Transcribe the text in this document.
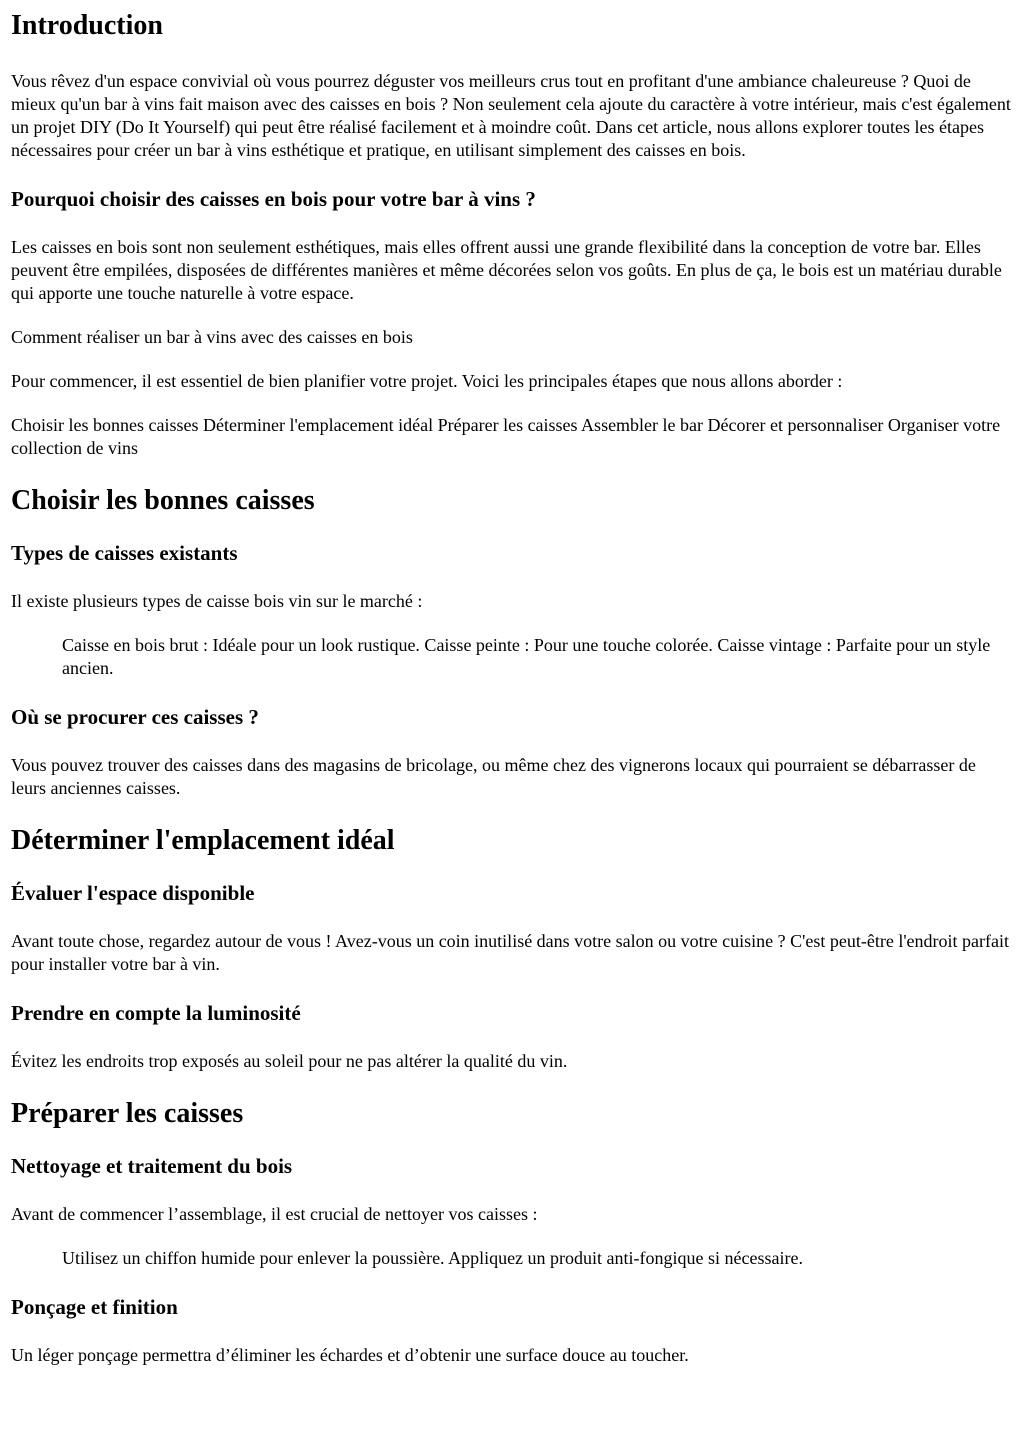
Introduction

Vous rêvez d'un espace convivial où vous pourrez déguster vos meilleurs crus tout en profitant d'une ambiance chaleureuse ? Quoi de mieux qu'un bar à vins fait maison avec des caisses en bois ? Non seulement cela ajoute du caractère à votre intérieur, mais c'est également un projet DIY (Do It Yourself) qui peut être réalisé facilement et à moindre coût. Dans cet article, nous allons explorer toutes les étapes nécessaires pour créer un bar à vins esthétique et pratique, en utilisant simplement des caisses en bois.

Pourquoi choisir des caisses en bois pour votre bar à vins ?

Les caisses en bois sont non seulement esthétiques, mais elles offrent aussi une grande flexibilité dans la conception de votre bar. Elles peuvent être empilées, disposées de différentes manières et même décorées selon vos goûts. En plus de ça, le bois est un matériau durable qui apporte une touche naturelle à votre espace.

Comment réaliser un bar à vins avec des caisses en bois

Pour commencer, il est essentiel de bien planifier votre projet. Voici les principales étapes que nous allons aborder :

Choisir les bonnes caisses Déterminer l'emplacement idéal Préparer les caisses Assembler le bar Décorer et personnaliser Organiser votre collection de vins

Choisir les bonnes caisses
Types de caisses existants

Il existe plusieurs types de caisse bois vin sur le marché :

Caisse en bois brut : Idéale pour un look rustique. Caisse peinte : Pour une touche colorée. Caisse vintage : Parfaite pour un style ancien.
Où se procurer ces caisses ?

Vous pouvez trouver des caisses dans des magasins de bricolage, ou même chez des vignerons locaux qui pourraient se débarrasser de leurs anciennes caisses.

Déterminer l'emplacement idéal
Évaluer l'espace disponible

Avant toute chose, regardez autour de vous ! Avez-vous un coin inutilisé dans votre salon ou votre cuisine ? C'est peut-être l'endroit parfait pour installer votre bar à vin.

Prendre en compte la luminosité

Évitez les endroits trop exposés au soleil pour ne pas altérer la qualité du vin.

Préparer les caisses
Nettoyage et traitement du bois

Avant de commencer l’assemblage, il est crucial de nettoyer vos caisses :

Utilisez un chiffon humide pour enlever la poussière. Appliquez un produit anti-fongique si nécessaire.
Ponçage et finition

Un léger ponçage permettra d’éliminer les échardes et d’obtenir une surface douce au toucher.
